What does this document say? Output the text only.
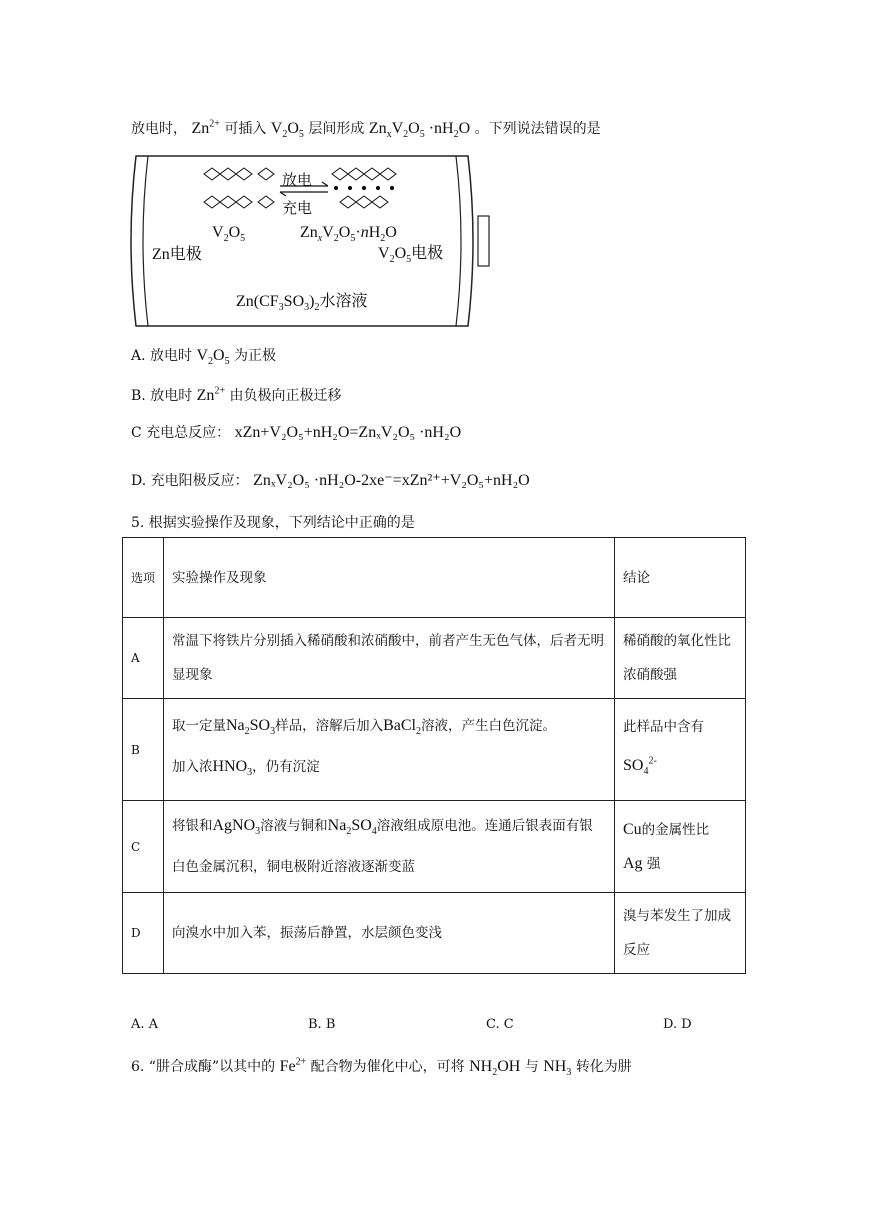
放电时， $Zn^{2+}$ 可插入 $V_2O_5$ 层间形成 $Zn_xV_2O_5 \cdot nH_2O$ 。下列说法错误的是
放电
充电
$V_2O_5$	$Zn_xV_2O_5\cdot nH_2O$
Zn电极	$V_2O_5$电极
$Zn(CF_3SO_3)_2$水溶液
A. 放电时 $V_2O_5$ 为正极
B. 放电时 $Zn^{2+}$ 由负极向正极迁移
C 充电总反应： xZn+V₂O₅+nH₂O=ZnₓV₂O₅ ·nH₂O
D. 充电阳极反应： ZnₓV₂O₅ ·nH₂O-2xe⁻=xZn²⁺+V₂O₅+nH₂O
5. 根据实验操作及现象，下列结论中正确的是
选项	实验操作及现象	结论
A	常温下将铁片分别插入稀硝酸和浓硝酸中，前者产生无色气体，后者无明显现象	稀硝酸的氧化性比浓硝酸强
B	取一定量$Na_2SO_3$样品，溶解后加入BaCl$_2$溶液，产生白色沉淀。
加入浓$HNO_3$，仍有沉淀	此样品中含有
$SO_4^{2-}$
C	将银和AgNO$_3$溶液与铜和$Na_2SO_4$溶液组成原电池。连通后银表面有银白色金属沉积，铜电极附近溶液逐渐变蓝	Cu的金属性比
Ag 强
D	向溴水中加入苯，振荡后静置，水层颜色变浅	溴与苯发生了加成反应
A. A	B. B	C. C	D. D
6. “肼合成酶”以其中的 $Fe^{2+}$ 配合物为催化中心，可将 $NH_2OH$ 与 $NH_3$ 转化为肼
